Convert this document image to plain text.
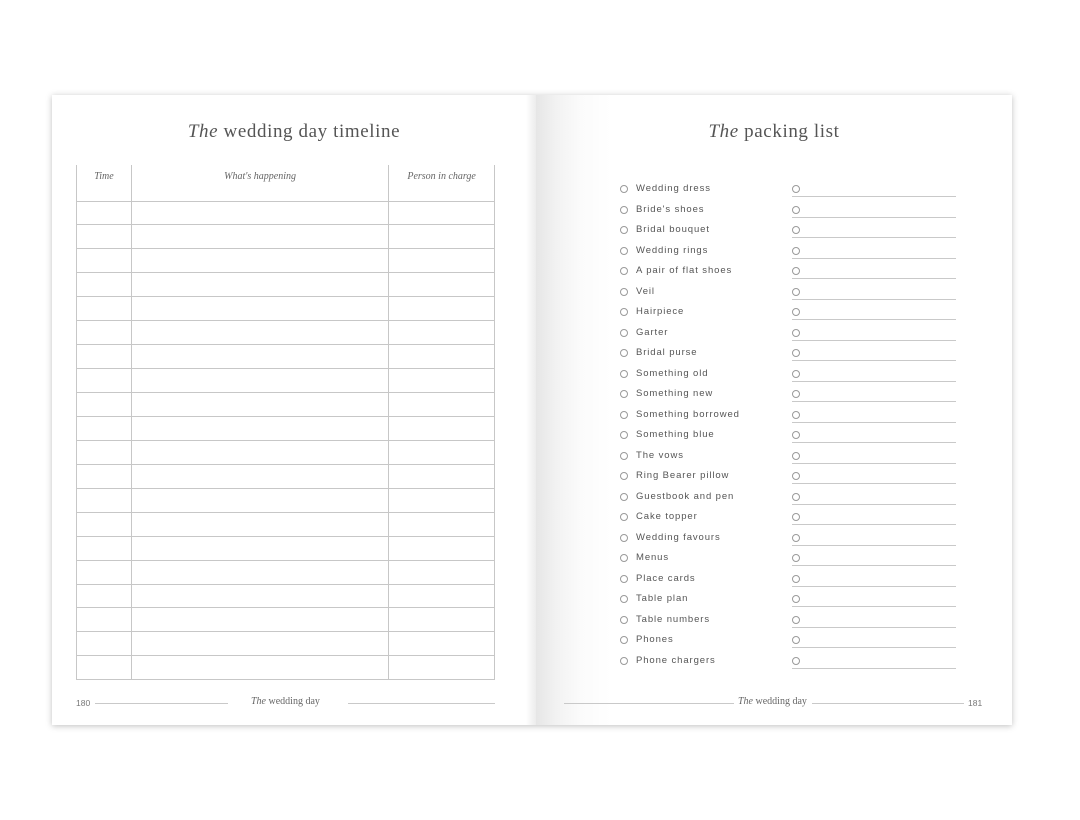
The wedding day timeline
Time	What's happening	Person in charge

180	The wedding day
The packing list
Wedding dress
Bride's shoes
Bridal bouquet
Wedding rings
A pair of flat shoes
Veil
Hairpiece
Garter
Bridal purse
Something old
Something new
Something borrowed
Something blue
The vows
Ring Bearer pillow
Guestbook and pen
Cake topper
Wedding favours
Menus
Place cards
Table plan
Table numbers
Phones
Phone chargers
The wedding day	181
